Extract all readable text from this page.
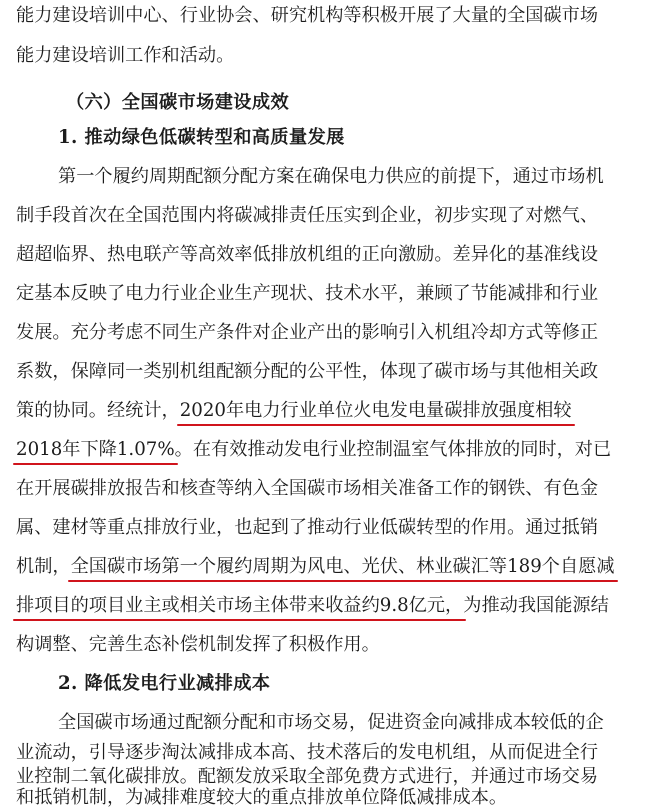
能力建设培训中心、行业协会、研究机构等积极开展了大量的全国碳市场
能力建设培训工作和活动。
（六）全国碳市场建设成效
1. 推动绿色低碳转型和高质量发展
第一个履约周期配额分配方案在确保电力供应的前提下，通过市场机
制手段首次在全国范围内将碳减排责任压实到企业，初步实现了对燃气、
超超临界、热电联产等高效率低排放机组的正向激励。差异化的基准线设
定基本反映了电力行业企业生产现状、技术水平，兼顾了节能减排和行业
发展。充分考虑不同生产条件对企业产出的影响引入机组冷却方式等修正
系数，保障同一类别机组配额分配的公平性，体现了碳市场与其他相关政
策的协同。经统计，2020年电力行业单位火电发电量碳排放强度相较
2018年下降1.07%。在有效推动发电行业控制温室气体排放的同时，对已
在开展碳排放报告和核查等纳入全国碳市场相关准备工作的钢铁、有色金
属、建材等重点排放行业，也起到了推动行业低碳转型的作用。通过抵销
机制，全国碳市场第一个履约周期为风电、光伏、林业碳汇等189个自愿减
排项目的项目业主或相关市场主体带来收益约9.8亿元，为推动我国能源结
构调整、完善生态补偿机制发挥了积极作用。
2. 降低发电行业减排成本
全国碳市场通过配额分配和市场交易，促进资金向减排成本较低的企
业流动，引导逐步淘汰减排成本高、技术落后的发电机组，从而促进全行
业控制二氧化碳排放。配额发放采取全部免费方式进行，并通过市场交易
和抵销机制，为减排难度较大的重点排放单位降低减排成本。
